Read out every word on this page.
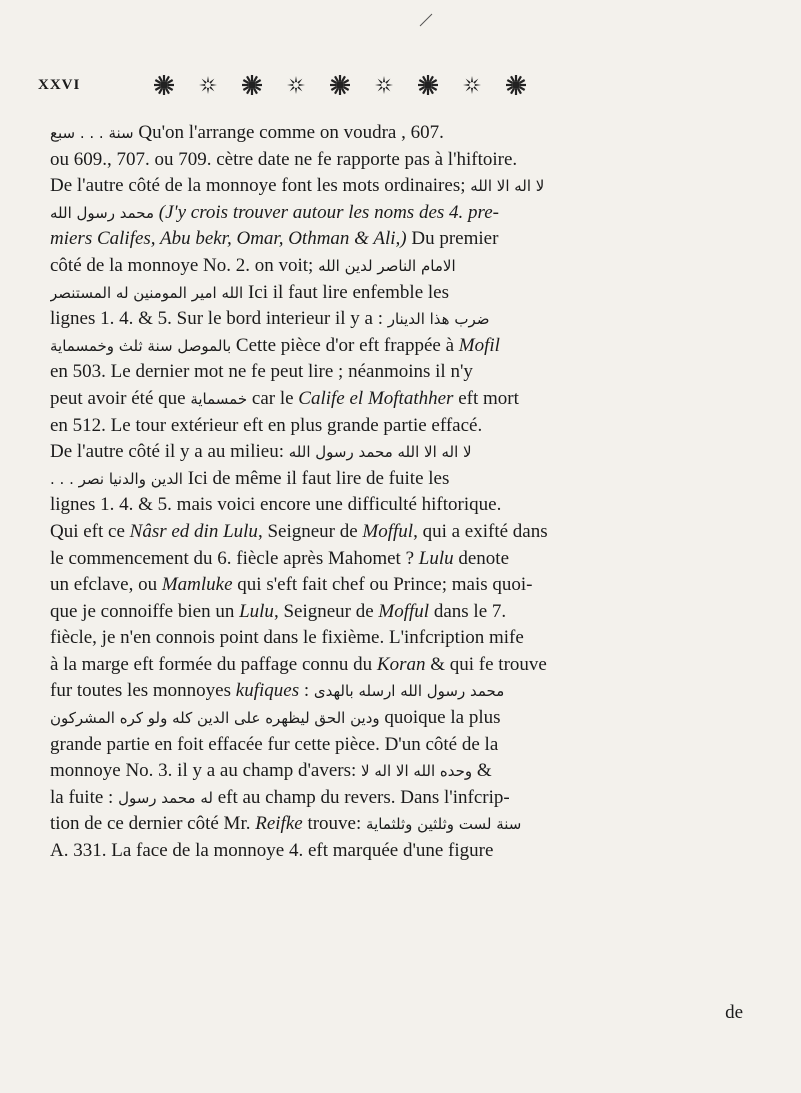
XXVI
ﺳﻨﺔ . . . ﺳﺒﻊ Qu'on l'arrange comme on voudra , 607.
ou 609., 707. ou 709. cètre date ne fe rapporte pas à l'hiftoire.
De l'autre côté de la monnoye font les mots ordinaires; ﻻ ﺍﻟﻪ ﺍﻻ ﺍﻟﻠﻪ
ﻣﺤﻤﺪ ﺭﺳﻮﻝ ﺍﻟﻠﻪ (J'y crois trouver autour les noms des 4. pre-
miers Califes, Abu bekr, Omar, Othman & Ali,) Du premier
côté de la monnoye No. 2. on voit; ﺍﻻﻣﺎﻡ ﺍﻟﻨﺎﺻﺮ ﻟﺪﻳﻦ ﺍﻟﻠﻪ
ﺍﻟﻠﻪ ﺍﻣﻴﺮ ﺍﻟﻤﻮﻣﻨﻴﻦ ﻟﻪ ﺍﻟﻤﺴﺘﻨﺼﺮ Ici il faut lire enfemble les
lignes 1. 4. & 5. Sur le bord interieur il y a : ﺿﺮﺏ ﻫﺬﺍ ﺍﻟﺪﻳﻨﺎﺭ
ﺑﺎﻟﻤﻮﺻﻞ ﺳﻨﺔ ﺛﻠﺚ ﻭﺧﻤﺴﻤﺎﻳﺔ Cette pièce d'or eft frappée à Mofil
en 503. Le dernier mot ne fe peut lire ; néanmoins il n'y
peut avoir été que ﺧﻤﺴﻤﺎﻳﺔ car le Calife el Moftathher eft mort
en 512. Le tour extérieur eft en plus grande partie effacé.
De l'autre côté il y a au milieu: ﻻ ﺍﻟﻪ ﺍﻻ ﺍﻟﻠﻪ ﻣﺤﻤﺪ ﺭﺳﻮﻝ ﺍﻟﻠﻪ
. . . ﺍﻟﺪﻳﻦ ﻭﺍﻟﺪﻧﻴﺎ ﻧﺼﺮ Ici de même il faut lire de fuite les
lignes 1. 4. & 5. mais voici encore une difficulté hiftorique.
Qui eft ce Nâsr ed din Lulu, Seigneur de Mofful, qui a exifté dans
le commencement du 6. fiècle après Mahomet ? Lulu denote
un efclave, ou Mamluke qui s'eft fait chef ou Prince; mais quoi-
que je connoiffe bien un Lulu, Seigneur de Mofful dans le 7.
fiècle, je n'en connois point dans le fixième. L'infcription mife
à la marge eft formée du paffage connu du Koran & qui fe trouve
fur toutes les monnoyes kufiques : ﻣﺤﻤﺪ ﺭﺳﻮﻝ ﺍﻟﻠﻪ ﺍﺭﺳﻠﻪ ﺑﺎﻟﻬﺪﻯ
ﻭﺩﻳﻦ ﺍﻟﺤﻖ ﻟﻴﻈﻬﺮﻩ ﻋﻠﻰ ﺍﻟﺪﻳﻦ ﻛﻠﻪ ﻭﻟﻮ ﻛﺮﻩ ﺍﻟﻤﺸﺮﻛﻮﻥ quoique la plus
grande partie en foit effacée fur cette pièce. D'un côté de la
monnoye No. 3. il y a au champ d'avers: ﻭﺣﺪﻩ ﺍﻟﻠﻪ ﺍﻻ ﺍﻟﻪ ﻻ &
la fuite : ﻟﻪ ﻣﺤﻤﺪ ﺭﺳﻮﻝ eft au champ du revers. Dans l'infcrip-
tion de ce dernier côté Mr. Reifke trouve: ﺳﻨﺔ ﻟﺴﺖ ﻭﺛﻠﺜﻴﻦ ﻭﺛﻠﺜﻤﺎﻳﺔ
A. 331. La face de la monnoye 4. eft marquée d'une figure
de
